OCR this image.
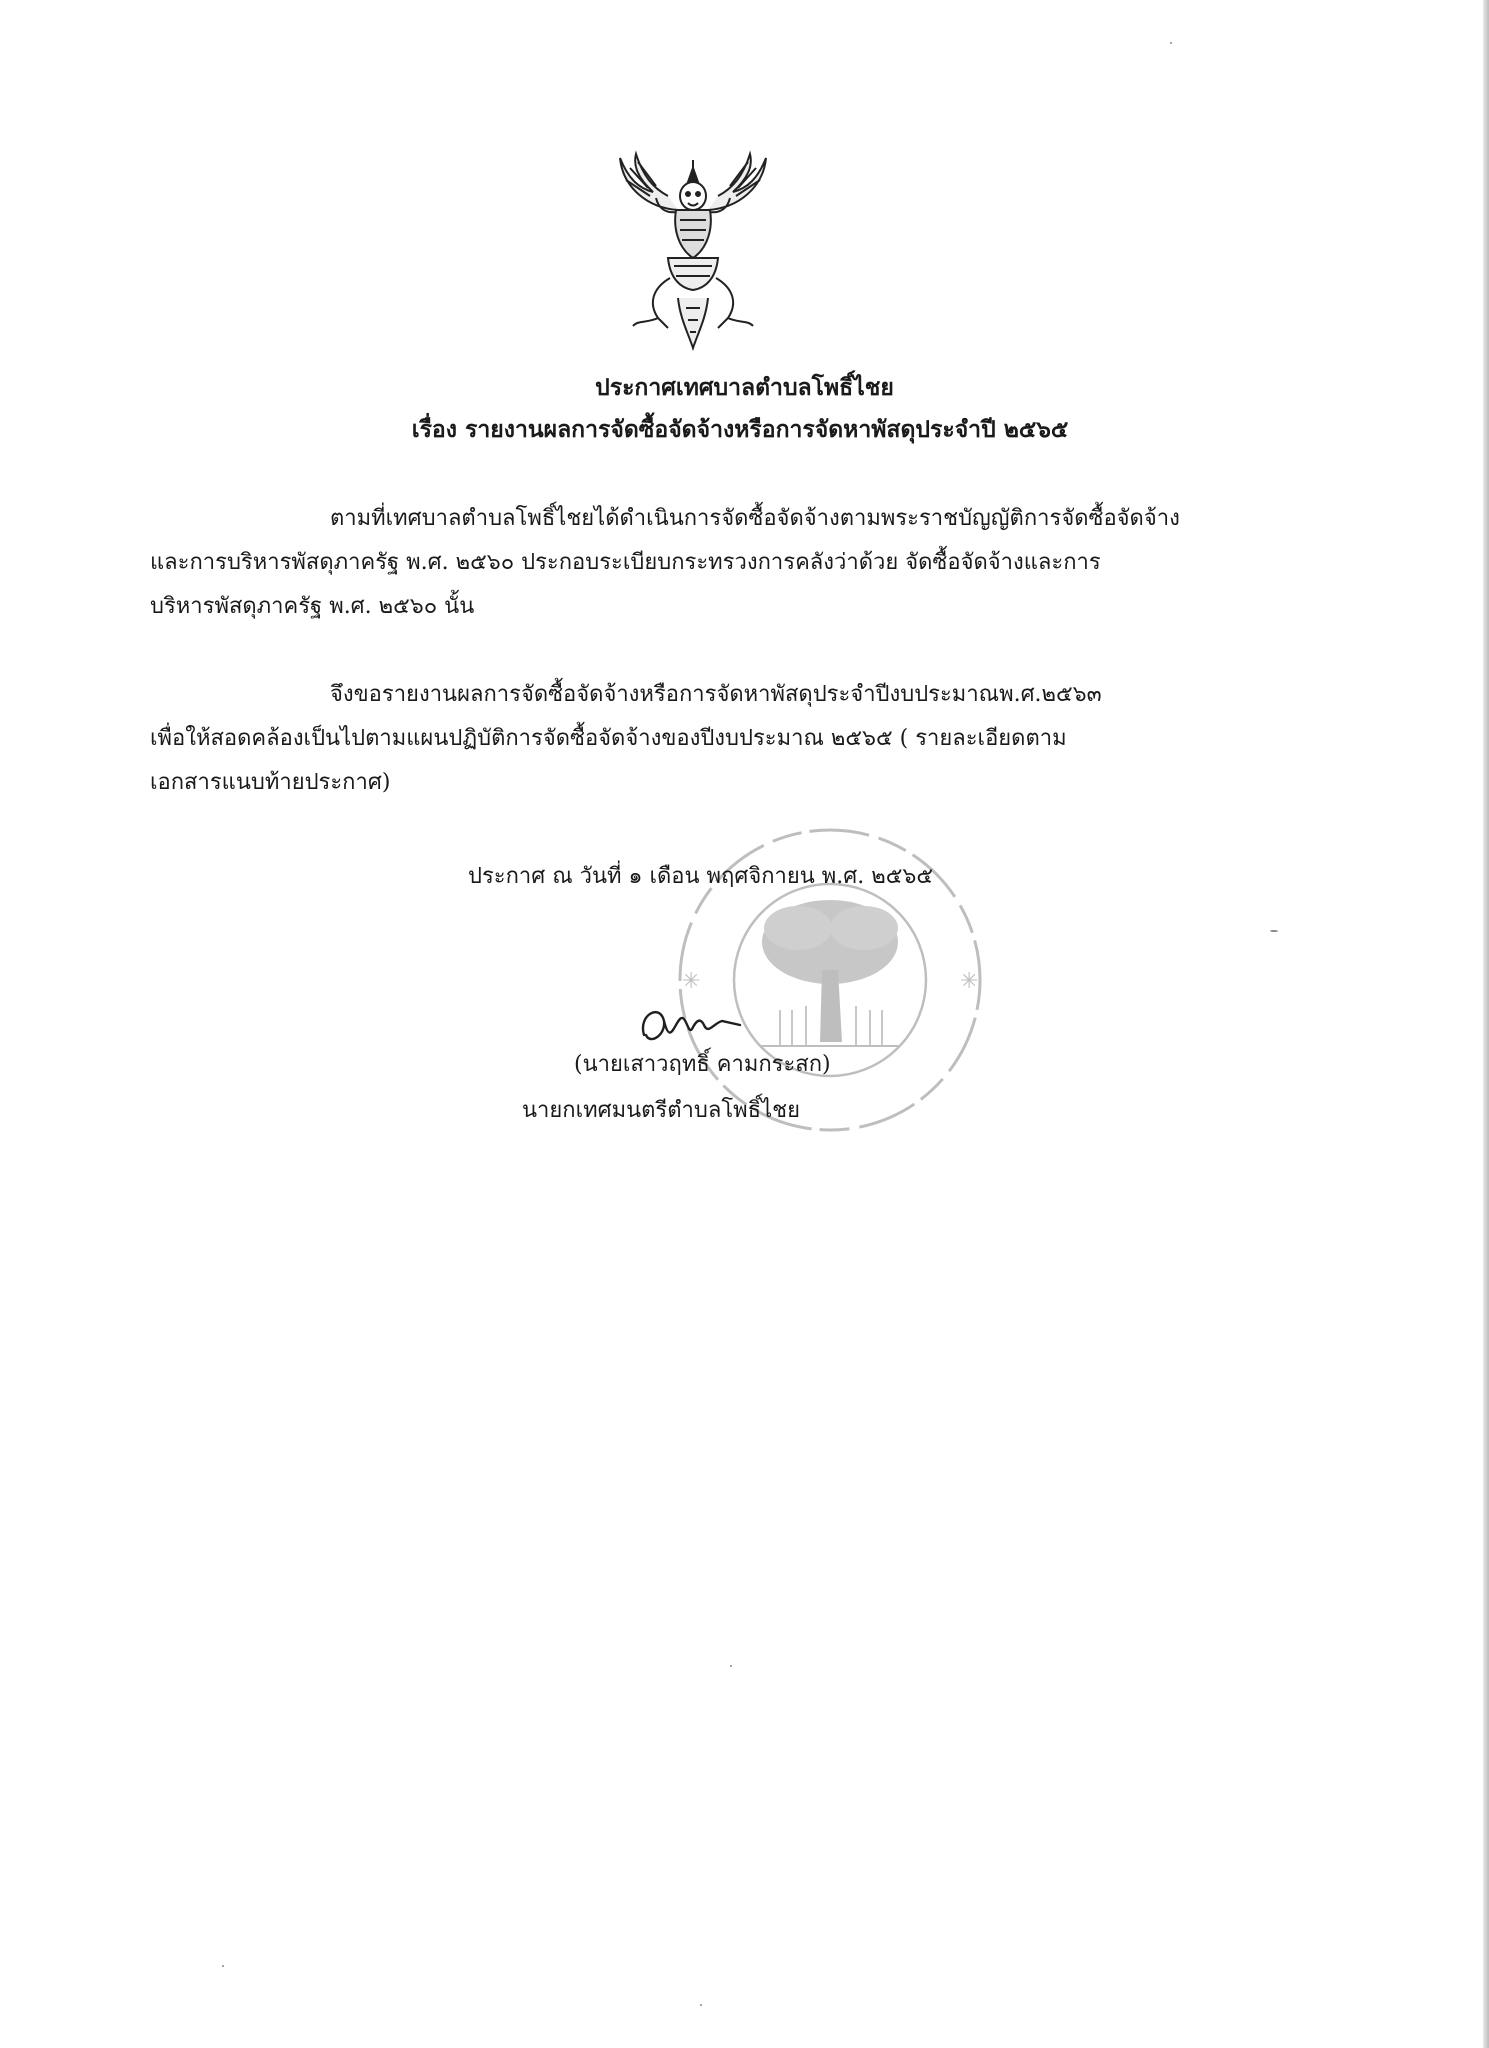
ประกาศเทศบาลตำบลโพธิ์ไชย
เรื่อง รายงานผลการจัดซื้อจัดจ้างหรือการจัดหาพัสดุประจำปี ๒๕๖๕
ตามที่เทศบาลตำบลโพธิ์ไชยได้ดำเนินการจัดซื้อจัดจ้างตามพระราชบัญญัติการจัดซื้อจัดจ้าง
และการบริหารพัสดุภาครัฐ พ.ศ. ๒๕๖๐ ประกอบระเบียบกระทรวงการคลังว่าด้วย จัดซื้อจัดจ้างและการ
บริหารพัสดุภาครัฐ พ.ศ. ๒๕๖๐ นั้น
จึงขอรายงานผลการจัดซื้อจัดจ้างหรือการจัดหาพัสดุประจำปีงบประมาณพ.ศ.๒๕๖๓
เพื่อให้สอดคล้องเป็นไปตามแผนปฏิบัติการจัดซื้อจัดจ้างของปีงบประมาณ ๒๕๖๕ ( รายละเอียดตาม
เอกสารแนบท้ายประกาศ)
✳	✳
ประกาศ ณ วันที่ ๑ เดือน พฤศจิกายน พ.ศ. ๒๕๖๕
(นายเสาวฤทธิ์ คามกระสก)
นายกเทศมนตรีตำบลโพธิ์ไชย
